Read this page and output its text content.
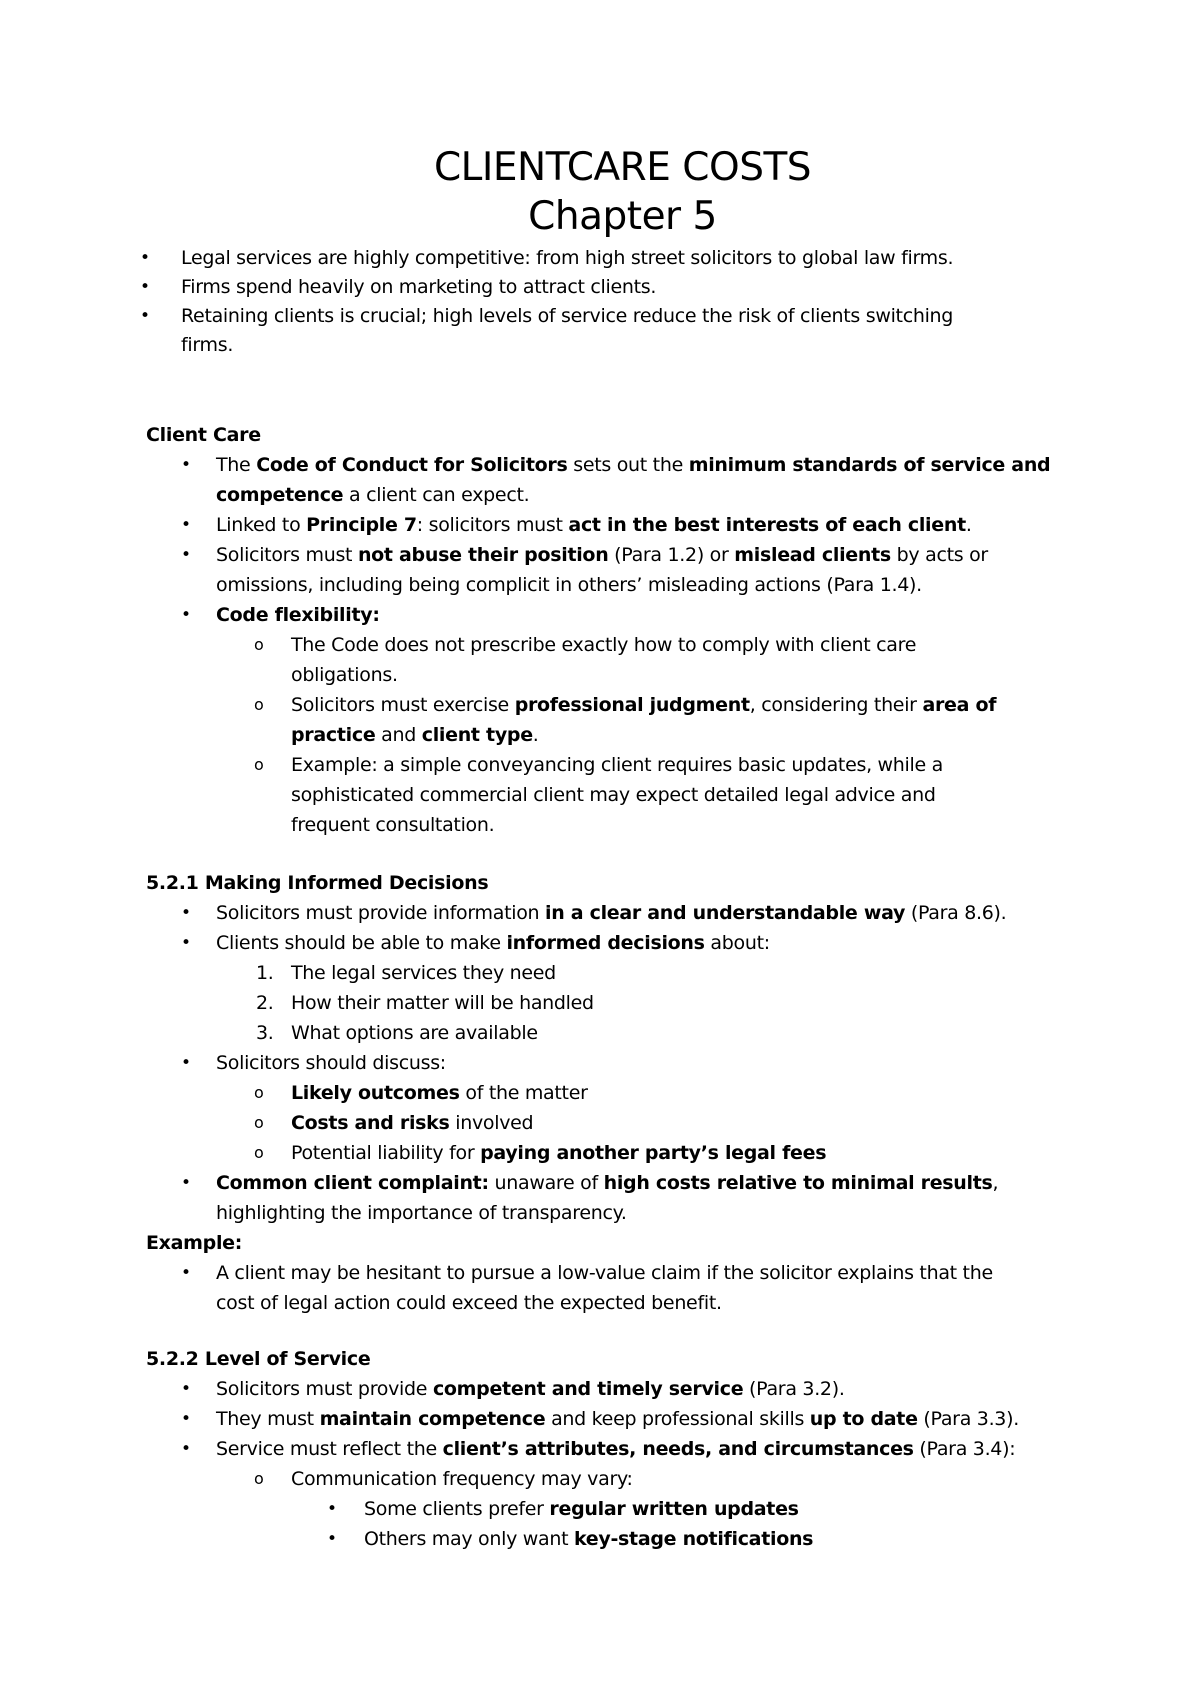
CLIENTCARE COSTS
Chapter 5
• Legal services are highly competitive: from high street solicitors to global law firms.
• Firms spend heavily on marketing to attract clients.
• Retaining clients is crucial; high levels of service reduce the risk of clients switching
firms.
Client Care
• The Code of Conduct for Solicitors sets out the minimum standards of service and
competence a client can expect.
• Linked to Principle 7: solicitors must act in the best interests of each client.
• Solicitors must not abuse their position (Para 1.2) or mislead clients by acts or
omissions, including being complicit in others’ misleading actions (Para 1.4).
• Code flexibility:
o The Code does not prescribe exactly how to comply with client care
obligations.
o Solicitors must exercise professional judgment, considering their area of
practice and client type.
o Example: a simple conveyancing client requires basic updates, while a
sophisticated commercial client may expect detailed legal advice and
frequent consultation.
5.2.1 Making Informed Decisions
• Solicitors must provide information in a clear and understandable way (Para 8.6).
• Clients should be able to make informed decisions about:
1. The legal services they need
2. How their matter will be handled
3. What options are available
• Solicitors should discuss:
o Likely outcomes of the matter
o Costs and risks involved
o Potential liability for paying another party’s legal fees
• Common client complaint: unaware of high costs relative to minimal results,
highlighting the importance of transparency.
Example:
• A client may be hesitant to pursue a low-value claim if the solicitor explains that the
cost of legal action could exceed the expected benefit.
5.2.2 Level of Service
• Solicitors must provide competent and timely service (Para 3.2).
• They must maintain competence and keep professional skills up to date (Para 3.3).
• Service must reflect the client’s attributes, needs, and circumstances (Para 3.4):
o Communication frequency may vary:
• Some clients prefer regular written updates
• Others may only want key-stage notifications
